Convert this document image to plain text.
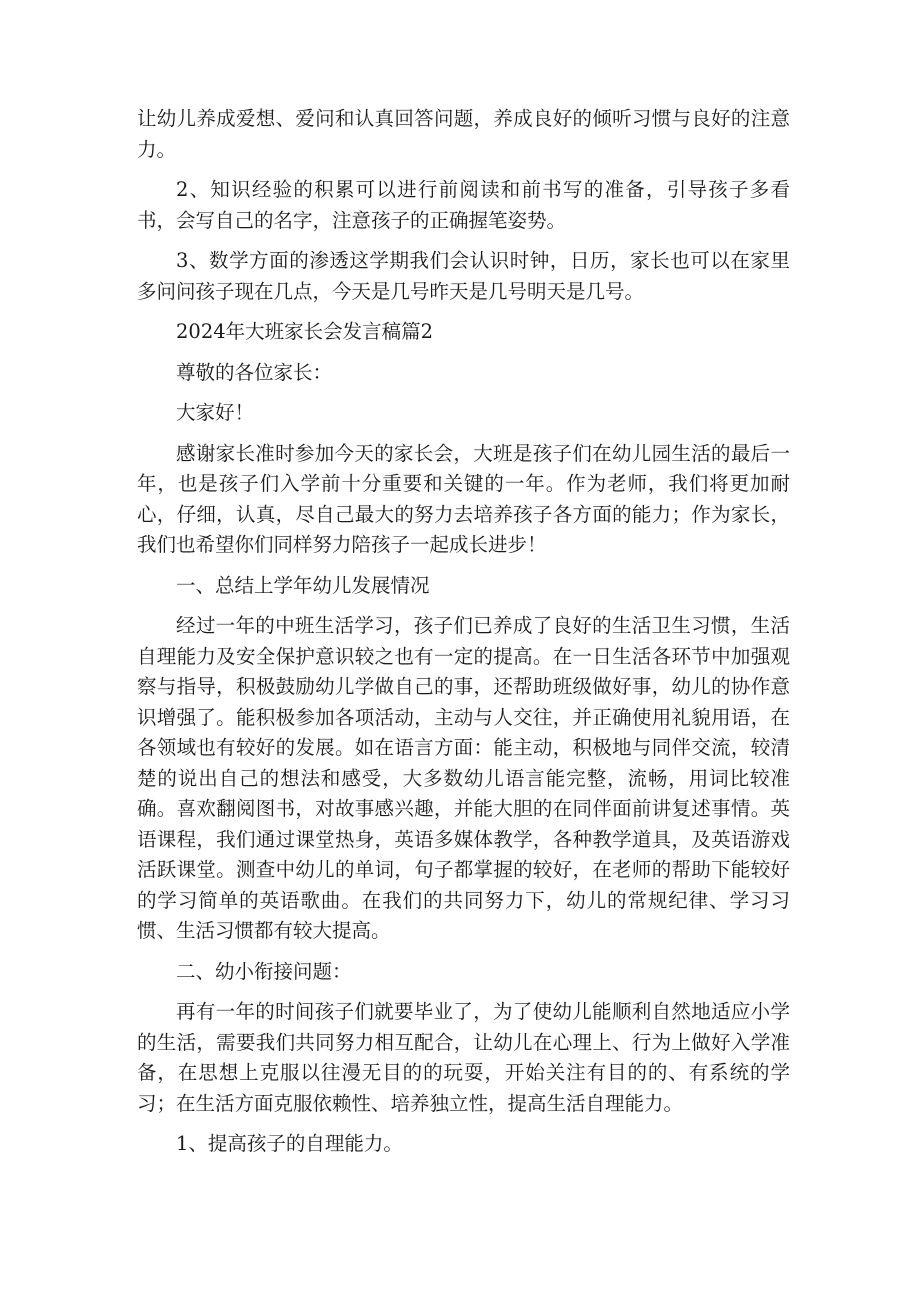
让幼儿养成爱想、爱问和认真回答问题，养成良好的倾听习惯与良好的注意力。

2、知识经验的积累可以进行前阅读和前书写的准备，引导孩子多看书，会写自己的名字，注意孩子的正确握笔姿势。

3、数学方面的渗透这学期我们会认识时钟，日历，家长也可以在家里多问问孩子现在几点，今天是几号昨天是几号明天是几号。

2024年大班家长会发言稿篇2

尊敬的各位家长：

大家好！

感谢家长准时参加今天的家长会，大班是孩子们在幼儿园生活的最后一年，也是孩子们入学前十分重要和关键的一年。作为老师，我们将更加耐心，仔细，认真，尽自己最大的努力去培养孩子各方面的能力；作为家长，我们也希望你们同样努力陪孩子一起成长进步！

一、总结上学年幼儿发展情况

经过一年的中班生活学习，孩子们已养成了良好的生活卫生习惯，生活自理能力及安全保护意识较之也有一定的提高。在一日生活各环节中加强观察与指导，积极鼓励幼儿学做自己的事，还帮助班级做好事，幼儿的协作意识增强了。能积极参加各项活动，主动与人交往，并正确使用礼貌用语，在各领域也有较好的发展。如在语言方面：能主动，积极地与同伴交流，较清楚的说出自己的想法和感受，大多数幼儿语言能完整，流畅，用词比较准确。喜欢翻阅图书，对故事感兴趣，并能大胆的在同伴面前讲复述事情。英语课程，我们通过课堂热身，英语多媒体教学，各种教学道具，及英语游戏活跃课堂。测查中幼儿的单词，句子都掌握的较好，在老师的帮助下能较好的学习简单的英语歌曲。在我们的共同努力下，幼儿的常规纪律、学习习惯、生活习惯都有较大提高。

二、幼小衔接问题：

再有一年的时间孩子们就要毕业了，为了使幼儿能顺利自然地适应小学的生活，需要我们共同努力相互配合，让幼儿在心理上、行为上做好入学准备，在思想上克服以往漫无目的的玩耍，开始关注有目的的、有系统的学习；在生活方面克服依赖性、培养独立性，提高生活自理能力。

1、提高孩子的自理能力。
